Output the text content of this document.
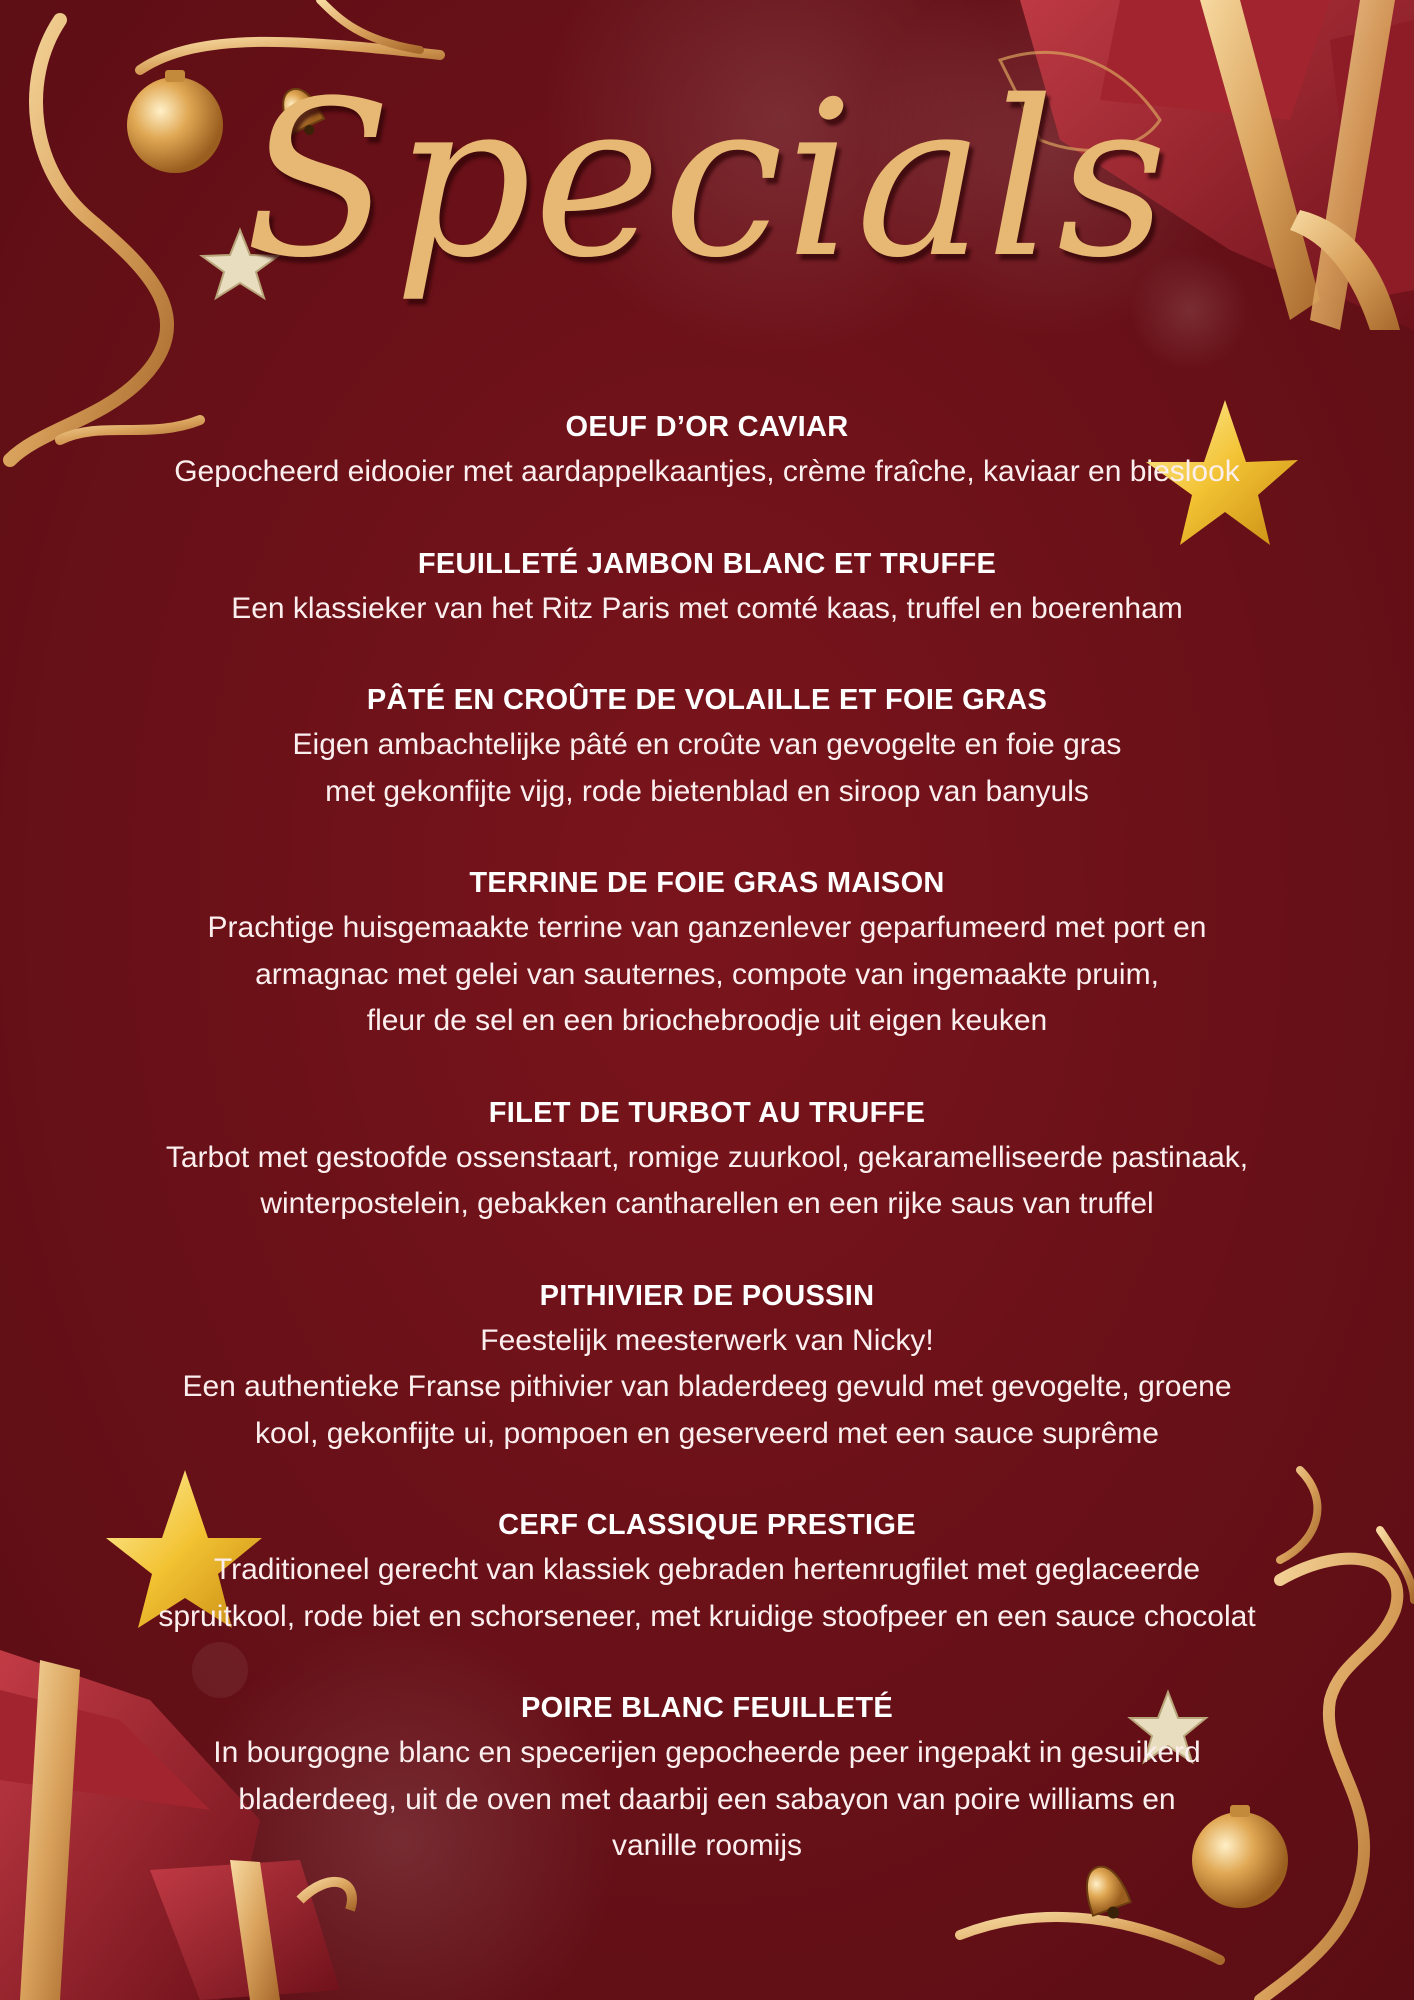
Specials
OEUF D’OR CAVIAR
Gepocheerd eidooier met aardappelkaantjes, crème fraîche, kaviaar en bieslook
FEUILLETÉ JAMBON BLANC ET TRUFFE
Een klassieker van het Ritz Paris met comté kaas, truffel en boerenham
PÂTÉ EN CROÛTE DE VOLAILLE ET FOIE GRAS
Eigen ambachtelijke pâté en croûte van gevogelte en foie gras
met gekonfijte vijg, rode bietenblad en siroop van banyuls
TERRINE DE FOIE GRAS MAISON
Prachtige huisgemaakte terrine van ganzenlever geparfumeerd met port en
armagnac met gelei van sauternes, compote van ingemaakte pruim,
fleur de sel en een briochebroodje uit eigen keuken
FILET DE TURBOT AU TRUFFE
Tarbot met gestoofde ossenstaart, romige zuurkool, gekaramelliseerde pastinaak,
winterpostelein, gebakken cantharellen en een rijke saus van truffel
PITHIVIER DE POUSSIN
Feestelijk meesterwerk van Nicky!
Een authentieke Franse pithivier van bladerdeeg gevuld met gevogelte, groene
kool, gekonfijte ui, pompoen en geserveerd met een sauce suprême
CERF CLASSIQUE PRESTIGE
Traditioneel gerecht van klassiek gebraden hertenrugfilet met geglaceerde
spruitkool, rode biet en schorseneer, met kruidige stoofpeer en een sauce chocolat
POIRE BLANC FEUILLETÉ
In bourgogne blanc en specerijen gepocheerde peer ingepakt in gesuikerd
bladerdeeg, uit de oven met daarbij een sabayon van poire williams en
vanille roomijs
